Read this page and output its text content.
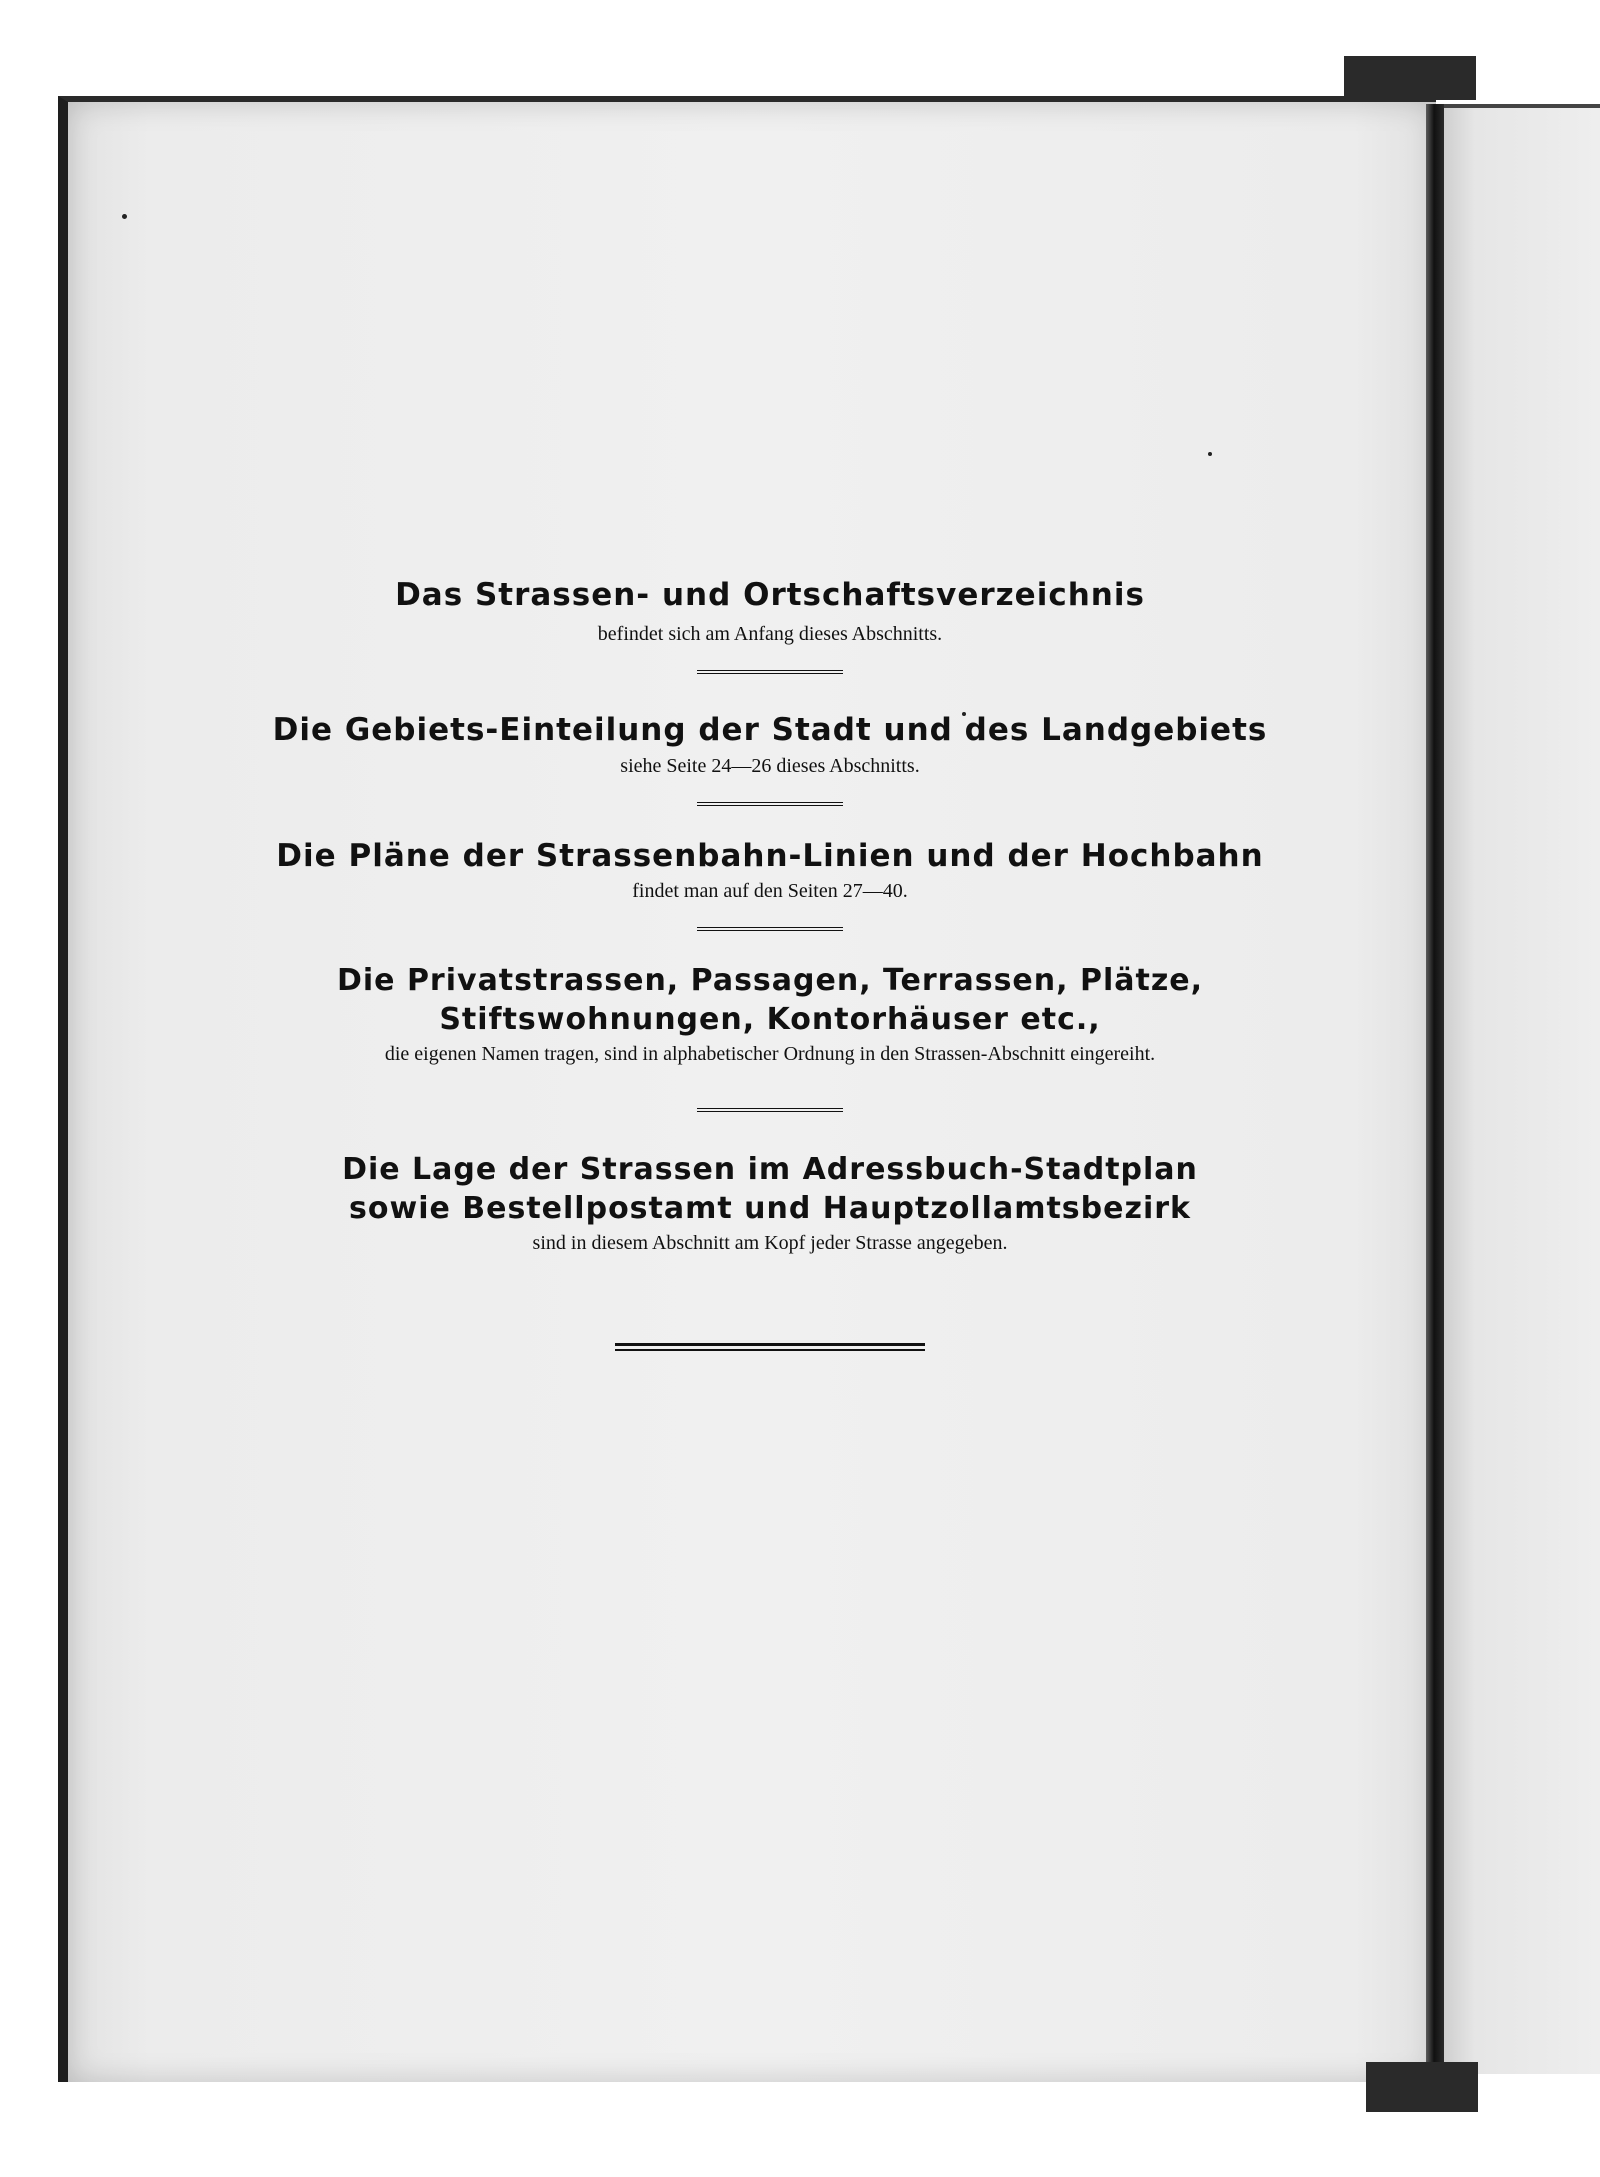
Das Strassen- und Ortschaftsverzeichnis

befindet sich am Anfang dieses Abschnitts.

Die Gebiets-Einteilung der Stadt und des Landgebiets

siehe Seite 24—26 dieses Abschnitts.

Die Pläne der Strassenbahn-Linien und der Hochbahn

findet man auf den Seiten 27—40.

Die Privatstrassen, Passagen, Terrassen, Plätze,

Stiftswohnungen, Kontorhäuser etc.,

die eigenen Namen tragen, sind in alphabetischer Ordnung in den Strassen-Abschnitt eingereiht.

Die Lage der Strassen im Adressbuch-Stadtplan

sowie Bestellpostamt und Hauptzollamtsbezirk

sind in diesem Abschnitt am Kopf jeder Strasse angegeben.
